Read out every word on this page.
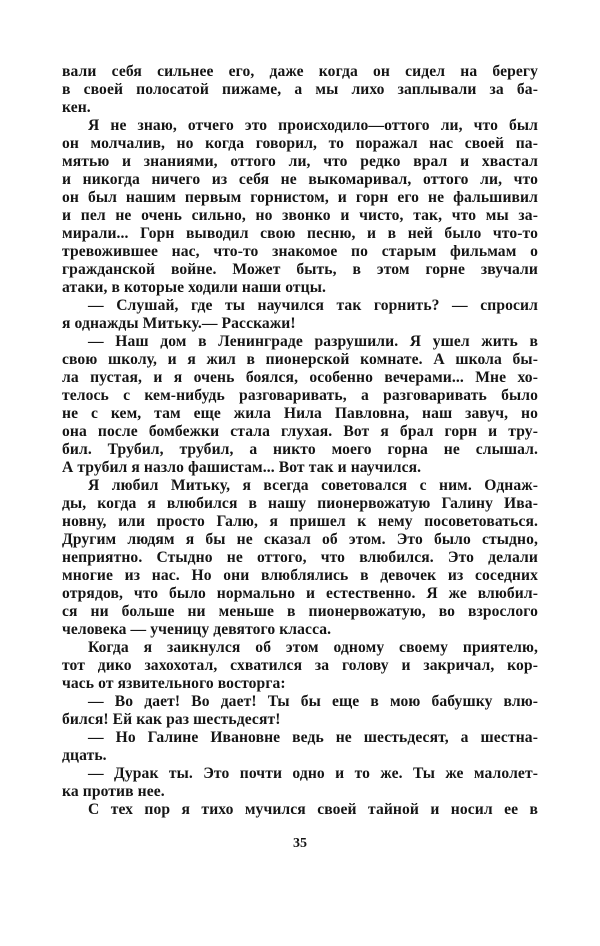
вали себя сильнее его, даже когда он сидел на берегу
в своей полосатой пижаме, а мы лихо заплывали за ба-
кен.
Я не знаю, отчего это происходило—оттого ли, что был
он молчалив, но когда говорил, то поражал нас своей па-
мятью и знаниями, оттого ли, что редко врал и хвастал
и никогда ничего из себя не выкомаривал, оттого ли, что
он был нашим первым горнистом, и горн его не фальшивил
и пел не очень сильно, но звонко и чисто, так, что мы за-
мирали... Горн выводил свою песню, и в ней было что-то
тревожившее нас, что-то знакомое по старым фильмам о
гражданской войне. Может быть, в этом горне звучали
атаки, в которые ходили наши отцы.
— Слушай, где ты научился так горнить? — спросил
я однажды Митьку.— Расскажи!
— Наш дом в Ленинграде разрушили. Я ушел жить в
свою школу, и я жил в пионерской комнате. А школа бы-
ла пустая, и я очень боялся, особенно вечерами... Мне хо-
телось с кем-нибудь разговаривать, а разговаривать было
не с кем, там еще жила Нила Павловна, наш завуч, но
она после бомбежки стала глухая. Вот я брал горн и тру-
бил. Трубил, трубил, а никто моего горна не слышал.
А трубил я назло фашистам... Вот так и научился.
Я любил Митьку, я всегда советовался с ним. Однаж-
ды, когда я влюбился в нашу пионервожатую Галину Ива-
новну, или просто Галю, я пришел к нему посоветоваться.
Другим людям я бы не сказал об этом. Это было стыдно,
неприятно. Стыдно не оттого, что влюбился. Это делали
многие из нас. Но они влюблялись в девочек из соседних
отрядов, что было нормально и естественно. Я же влюбил-
ся ни больше ни меньше в пионервожатую, во взрослого
человека — ученицу девятого класса.
Когда я заикнулся об этом одному своему приятелю,
тот дико захохотал, схватился за голову и закричал, кор-
чась от язвительного восторга:
— Во дает! Во дает! Ты бы еще в мою бабушку влю-
бился! Ей как раз шестьдесят!
— Но Галине Ивановне ведь не шестьдесят, а шестна-
дцать.
— Дурак ты. Это почти одно и то же. Ты же малолет-
ка против нее.
С тех пор я тихо мучился своей тайной и носил ее в
35
